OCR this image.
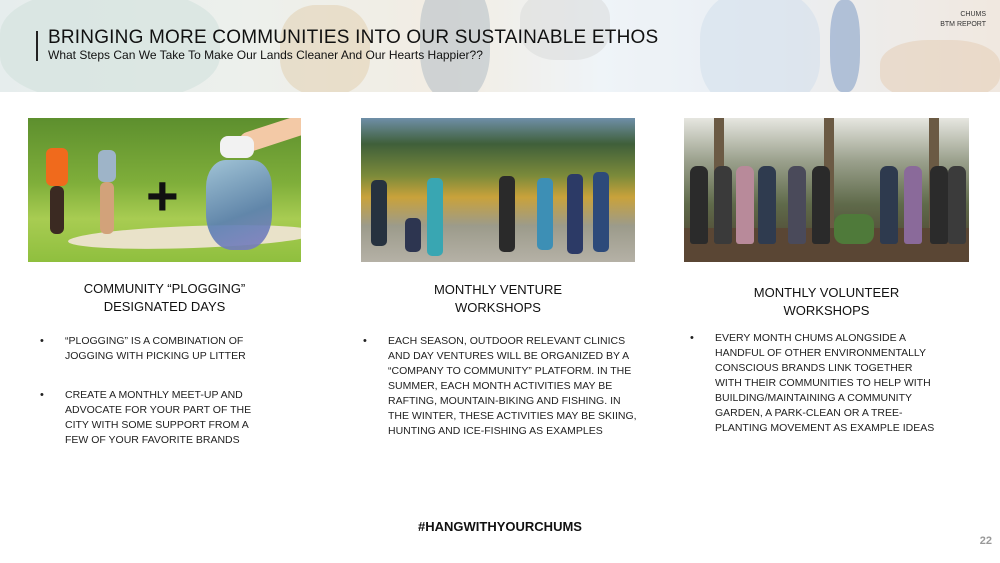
BRINGING MORE COMMUNITIES INTO OUR SUSTAINABLE ETHOS
What Steps Can We Take To Make Our Lands Cleaner And Our Hearts Happier??
CHUMS
BTM REPORT
+
COMMUNITY “PLOGGING”
DESIGNATED DAYS
MONTHLY VENTURE
WORKSHOPS
MONTHLY VOLUNTEER
WORKSHOPS
• “PLOGGING” IS A COMBINATION OF JOGGING WITH PICKING UP LITTER
• CREATE A MONTHLY MEET-UP AND ADVOCATE FOR YOUR PART OF THE CITY WITH SOME SUPPORT FROM A FEW OF YOUR FAVORITE BRANDS
• EACH SEASON, OUTDOOR RELEVANT CLINICS AND DAY VENTURES WILL BE ORGANIZED BY A “COMPANY TO COMMUNITY” PLATFORM. IN THE SUMMER, EACH MONTH ACTIVITIES MAY BE RAFTING, MOUNTAIN-BIKING AND FISHING. IN THE WINTER, THESE ACTIVITIES MAY BE SKIING, HUNTING AND ICE-FISHING AS EXAMPLES
• EVERY MONTH CHUMS ALONGSIDE A HANDFUL OF OTHER ENVIRONMENTALLY CONSCIOUS BRANDS LINK TOGETHER WITH THEIR COMMUNITIES TO HELP WITH BUILDING/MAINTAINING A COMMUNITY GARDEN, A PARK-CLEAN OR A TREE-PLANTING MOVEMENT AS EXAMPLE IDEAS
#HANGWITHYOURCHUMS
22
